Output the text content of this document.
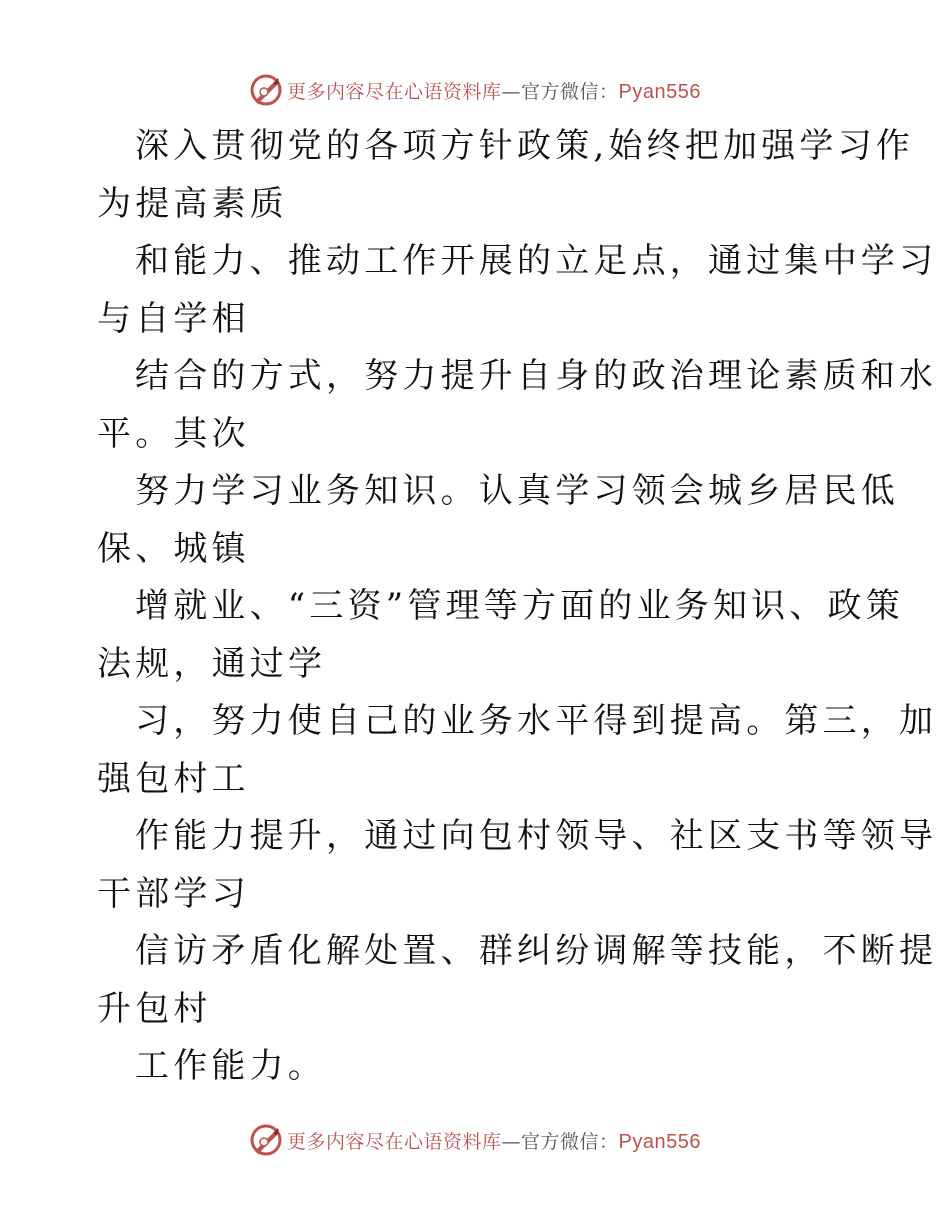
更多内容尽在心语资料库—官方微信：Pyan556
深入贯彻党的各项方针政策,始终把加强学习作
为提高素质
和能力、推动工作开展的立足点，通过集中学习
与自学相
结合的方式，努力提升自身的政治理论素质和水
平。其次
努力学习业务知识。认真学习领会城乡居民低
保、城镇
增就业、“三资”管理等方面的业务知识、政策
法规，通过学
习，努力使自己的业务水平得到提高。第三，加
强包村工
作能力提升，通过向包村领导、社区支书等领导
干部学习
信访矛盾化解处置、群纠纷调解等技能，不断提
升包村
工作能力。
更多内容尽在心语资料库—官方微信：Pyan556
